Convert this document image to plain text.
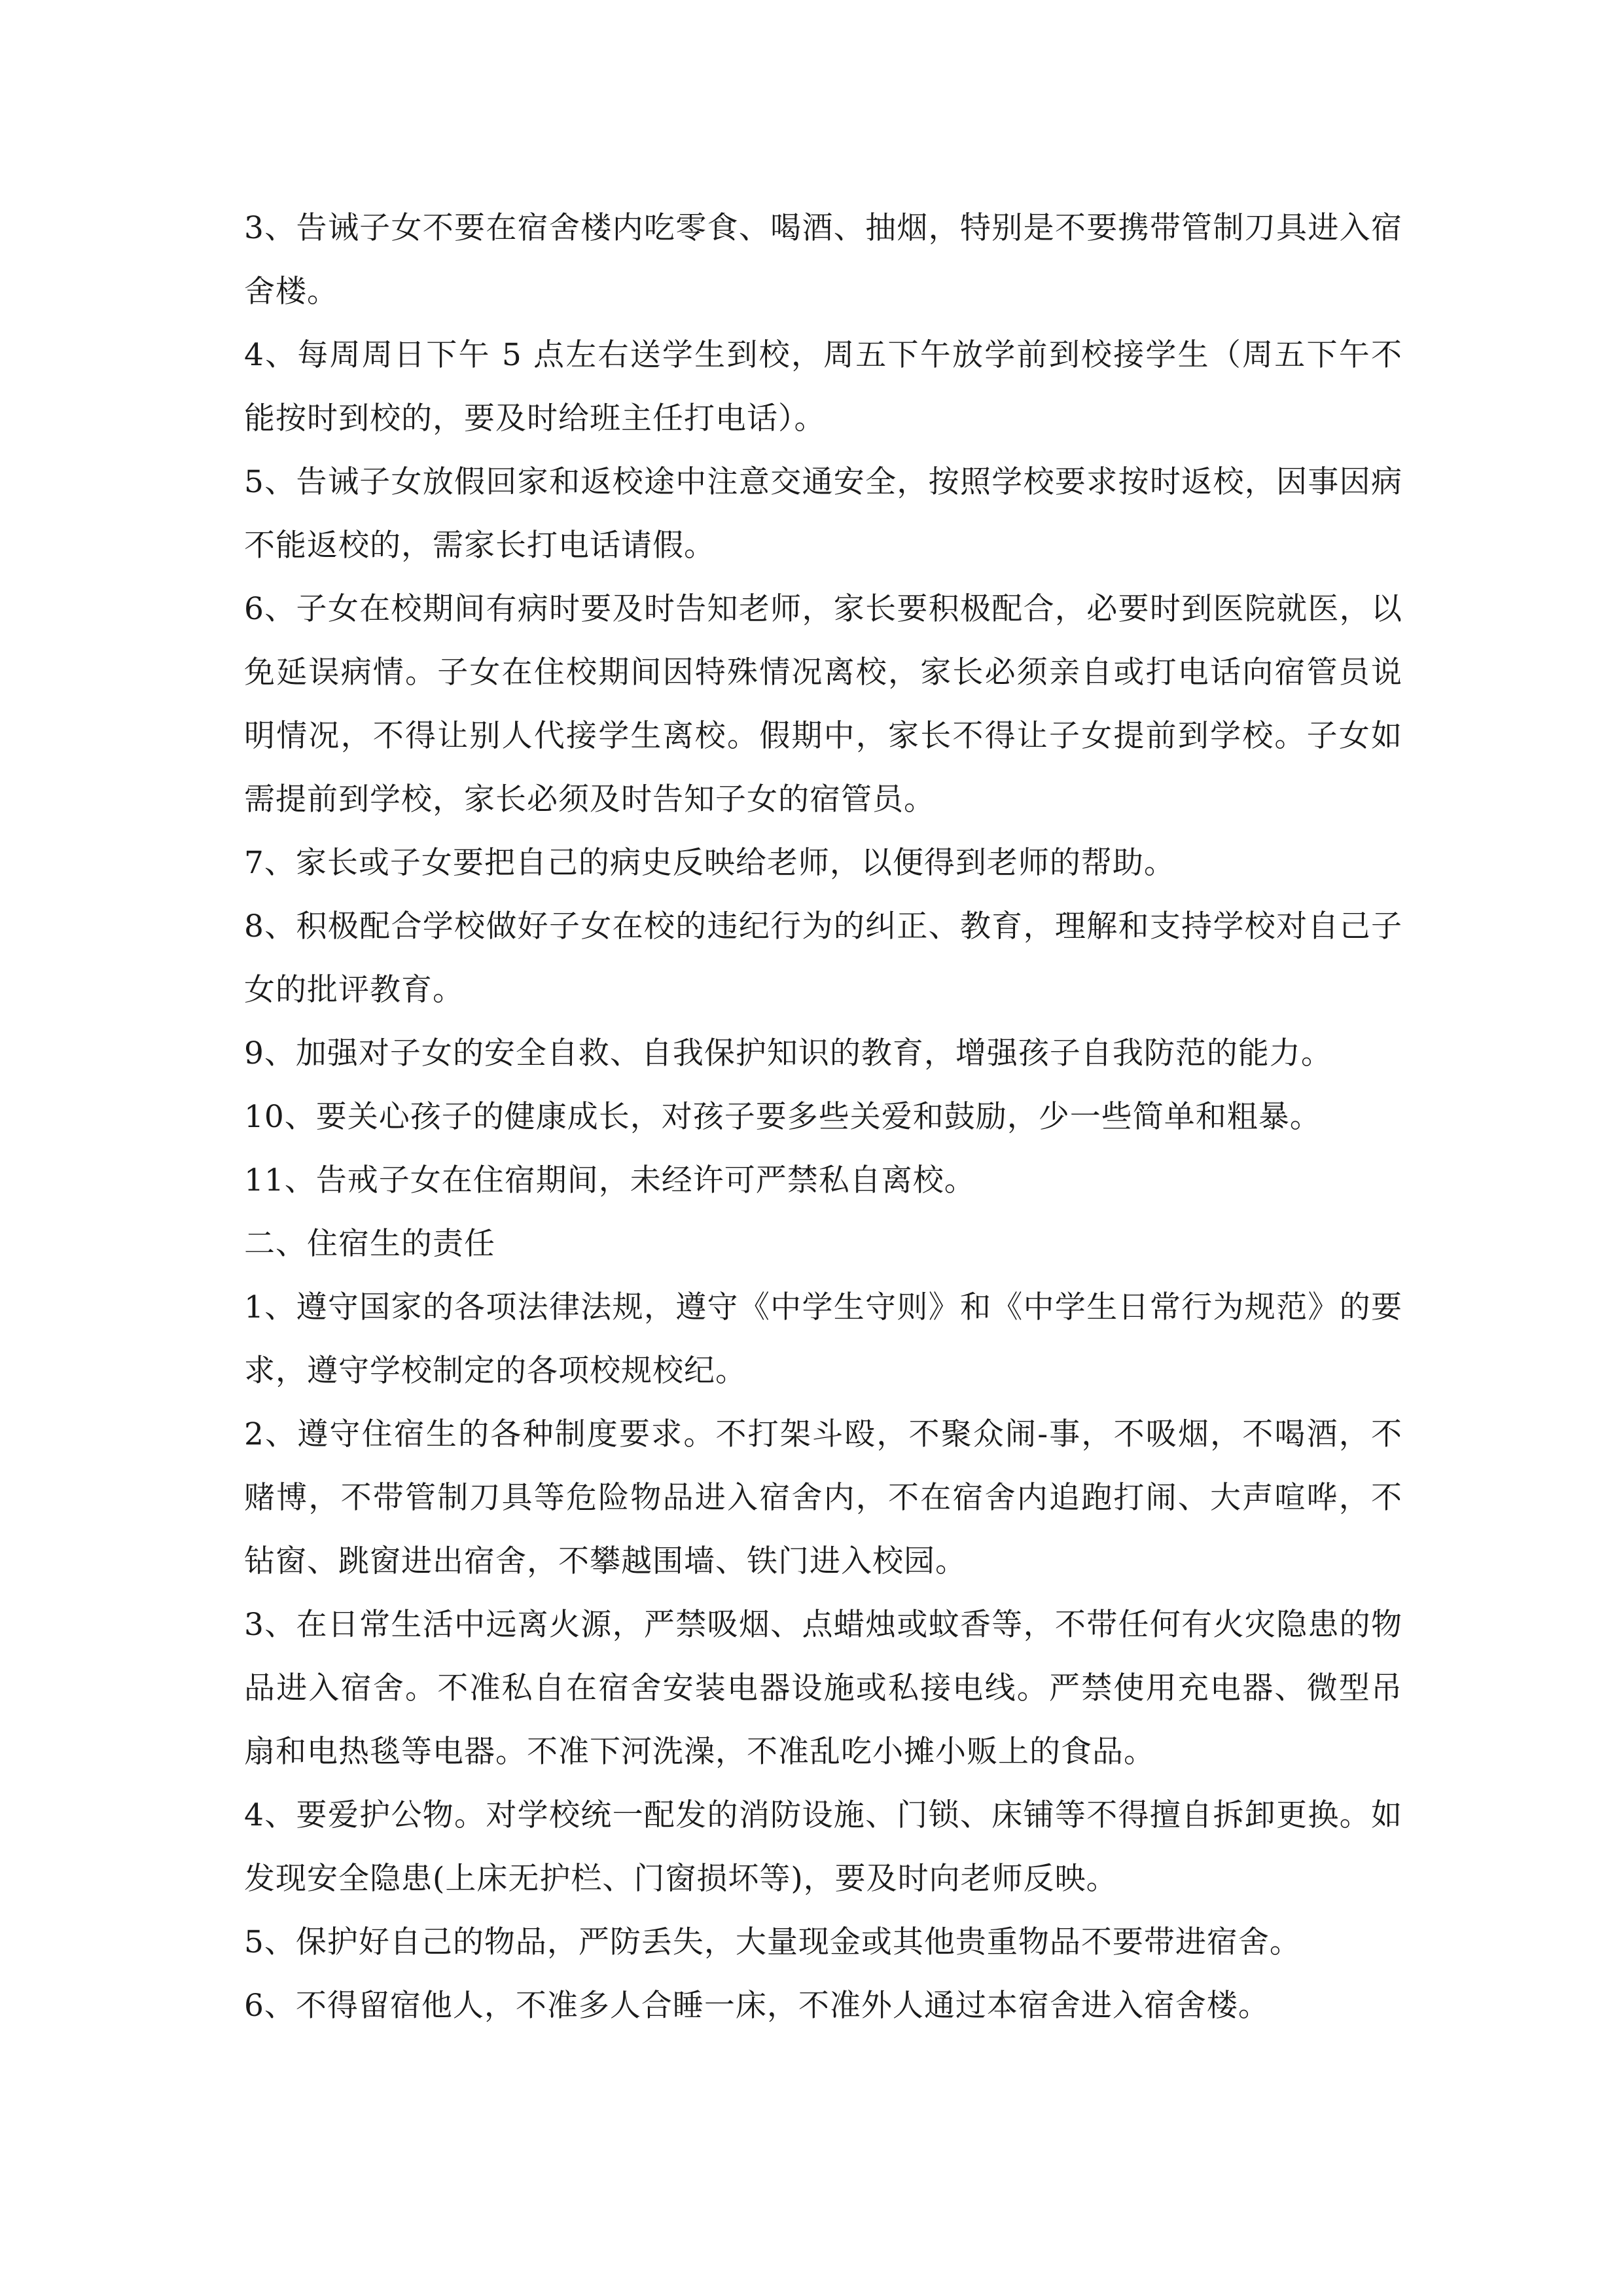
3、告诫子女不要在宿舍楼内吃零食、喝酒、抽烟，特别是不要携带管制刀具进入宿舍楼。

4、每周周日下午 5 点左右送学生到校，周五下午放学前到校接学生（周五下午不能按时到校的，要及时给班主任打电话）。

5、告诫子女放假回家和返校途中注意交通安全，按照学校要求按时返校，因事因病不能返校的，需家长打电话请假。

6、子女在校期间有病时要及时告知老师，家长要积极配合，必要时到医院就医，以免延误病情。子女在住校期间因特殊情况离校，家长必须亲自或打电话向宿管员说明情况，不得让别人代接学生离校。假期中，家长不得让子女提前到学校。子女如需提前到学校，家长必须及时告知子女的宿管员。

7、家长或子女要把自己的病史反映给老师，以便得到老师的帮助。

8、积极配合学校做好子女在校的违纪行为的纠正、教育，理解和支持学校对自己子女的批评教育。

9、加强对子女的安全自救、自我保护知识的教育，增强孩子自我防范的能力。

10、要关心孩子的健康成长，对孩子要多些关爱和鼓励，少一些简单和粗暴。

11、告戒子女在住宿期间，未经许可严禁私自离校。

二、住宿生的责任

1、遵守国家的各项法律法规，遵守《中学生守则》和《中学生日常行为规范》的要求，遵守学校制定的各项校规校纪。

2、遵守住宿生的各种制度要求。不打架斗殴，不聚众闹-事，不吸烟，不喝酒，不赌博，不带管制刀具等危险物品进入宿舍内，不在宿舍内追跑打闹、大声喧哗，不钻窗、跳窗进出宿舍，不攀越围墙、铁门进入校园。

3、在日常生活中远离火源，严禁吸烟、点蜡烛或蚊香等，不带任何有火灾隐患的物品进入宿舍。不准私自在宿舍安装电器设施或私接电线。严禁使用充电器、微型吊扇和电热毯等电器。不准下河洗澡，不准乱吃小摊小贩上的食品。

4、要爱护公物。对学校统一配发的消防设施、门锁、床铺等不得擅自拆卸更换。如发现安全隐患(上床无护栏、门窗损坏等)，要及时向老师反映。

5、保护好自己的物品，严防丢失，大量现金或其他贵重物品不要带进宿舍。

6、不得留宿他人，不准多人合睡一床，不准外人通过本宿舍进入宿舍楼。
